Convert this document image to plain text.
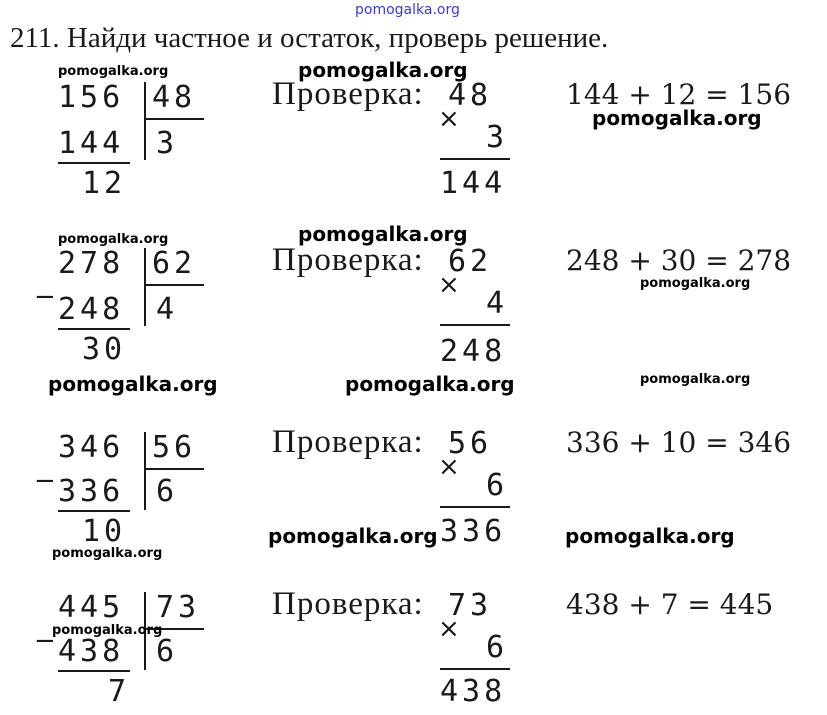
pomogalka.org
211. Найди частное и остаток, проверь решение.
156 48
144 3
12
Проверка: 48
×
3
144
144 + 12 = 156
278 62
− 248 4
30
Проверка: 62
×
4
248
248 + 30 = 278
346 56
− 336 6
10
Проверка: 56
×
6
336
336 + 10 = 346
445 73
− 438 6
7
Проверка: 73
×
6
438
438 + 7 = 445
pomogalka.org	pomogalka.org
pomogalka.org
pomogalka.org	pomogalka.org
pomogalka.org
pomogalka.org	pomogalka.org	pomogalka.org
pomogalka.org
pomogalka.org	pomogalka.org
pomogalka.org
